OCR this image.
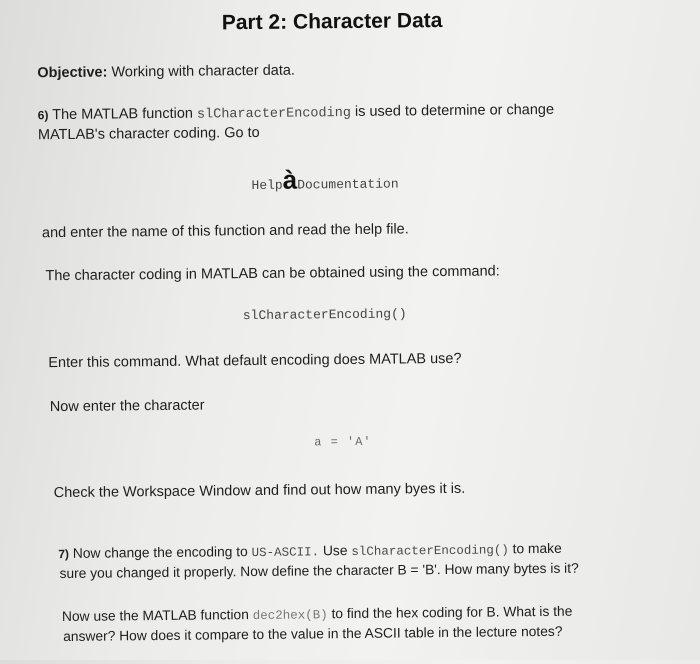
Part 2: Character Data
Objective: Working with character data.
6) The MATLAB function slCharacterEncoding is used to determine or change
MATLAB's character coding. Go to
HelpàDocumentation
and enter the name of this function and read the help file.
The character coding in MATLAB can be obtained using the command:
slCharacterEncoding()
Enter this command. What default encoding does MATLAB use?
Now enter the character
a = 'A'
Check the Workspace Window and find out how many byes it is.
7) Now change the encoding to US-ASCII. Use slCharacterEncoding() to make
sure you changed it properly. Now define the character B = 'B'. How many bytes is it?
Now use the MATLAB function dec2hex(B) to find the hex coding for B. What is the
answer? How does it compare to the value in the ASCII table in the lecture notes?
